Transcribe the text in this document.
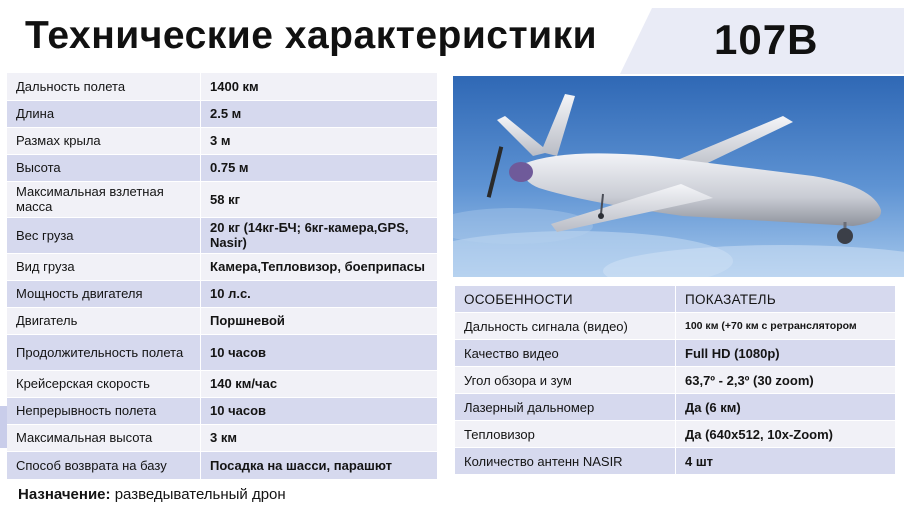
Технические характеристики	107B
Дальность полета	1400 км
Длина	2.5 м
Размах крыла	3 м
Высота	0.75 м
Максимальная взлетная масса	58 кг
Вес груза	20 кг (14кг-БЧ; 6кг-камера,GPS, Nasir)
Вид груза	Камера,Тепловизор, боеприпасы
Мощность двигателя	10 л.с.
Двигатель	Поршневой
Продолжительность полета	10 часов
Крейсерская скорость	140 км/час
Непрерывность полета	10 часов
Максимальная высота	3 км
Способ возврата на базу	Посадка на шасси, парашют
Назначение: разведывательный дрон
ОСОБЕННОСТИ	ПОКАЗАТЕЛЬ
Дальность сигнала (видео)	100 км (+70 км с ретранслятором
Качество видео	Full HD (1080p)
Угол обзора и зум	63,7º - 2,3º (30 zoom)
Лазерный дальномер	Да (6 км)
Тепловизор	Да (640x512, 10x-Zoom)
Количество антенн NASIR	4 шт
